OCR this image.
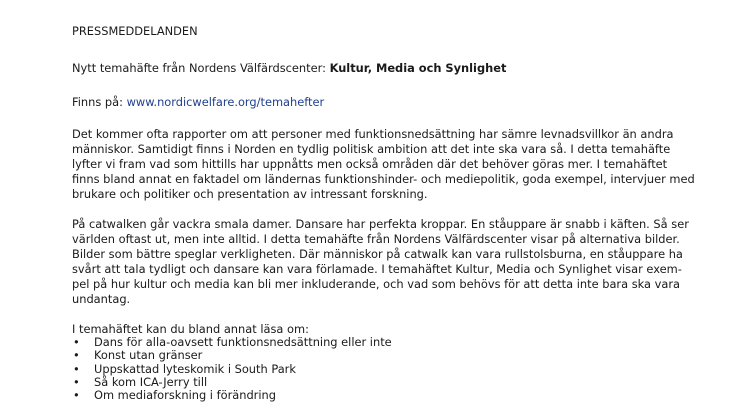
PRESSMEDDELANDEN
Nytt temahäfte från Nordens Välfärdscenter: Kultur, Media och Synlighet
Finns på: www.nordicwelfare.org/temahefter
Det kommer ofta rapporter om att personer med funktionsnedsättning har sämre levnadsvillkor än andra
människor. Samtidigt finns i Norden en tydlig politisk ambition att det inte ska vara så. I detta temahäfte
lyfter vi fram vad som hittills har uppnåtts men också områden där det behöver göras mer. I temahäftet
finns bland annat en faktadel om ländernas funktionshinder- och mediepolitik, goda exempel, intervjuer med
brukare och politiker och presentation av intressant forskning.
På catwalken går vackra smala damer. Dansare har perfekta kroppar. En ståuppare är snabb i käften. Så ser
världen oftast ut, men inte alltid. I detta temahäfte från Nordens Välfärdscenter visar på alternativa bilder.
Bilder som bättre speglar verkligheten. Där människor på catwalk kan vara rullstolsburna, en ståuppare ha
svårt att tala tydligt och dansare kan vara förlamade. I temahäftet Kultur, Media och Synlighet visar exem-
pel på hur kultur och media kan bli mer inkluderande, och vad som behövs för att detta inte bara ska vara
undantag.
I temahäftet kan du bland annat läsa om:
• Dans för alla-oavsett funktionsnedsättning eller inte
• Konst utan gränser
• Uppskattad lyteskomik i South Park
• Så kom ICA-Jerry till
• Om mediaforskning i förändring
